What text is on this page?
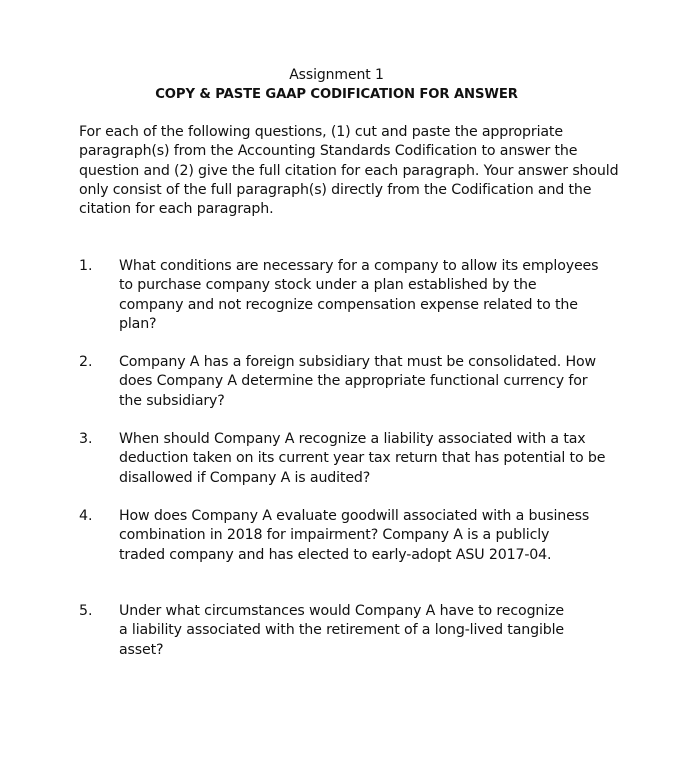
Assignment 1
COPY & PASTE GAAP CODIFICATION FOR ANSWER

For each of the following questions, (1) cut and paste the appropriate paragraph(s) from the Accounting Standards Codification to answer the question and (2) give the full citation for each paragraph. Your answer should only consist of the full paragraph(s) directly from the Codification and the citation for each paragraph.

1.	What conditions are necessary for a company to allow its employees to purchase company stock under a plan established by the company and not recognize compensation expense related to the plan?
2.	Company A has a foreign subsidiary that must be consolidated. How does Company A determine the appropriate functional currency for the subsidiary?
3.	When should Company A recognize a liability associated with a tax deduction taken on its current year tax return that has potential to be disallowed if Company A is audited?
4.	How does Company A evaluate goodwill associated with a business combination in 2018 for impairment? Company A is a publicly traded company and has elected to early-adopt ASU 2017-04.
5.	Under what circumstances would Company A have to recognize a liability associated with the retirement of a long-lived tangible asset?
